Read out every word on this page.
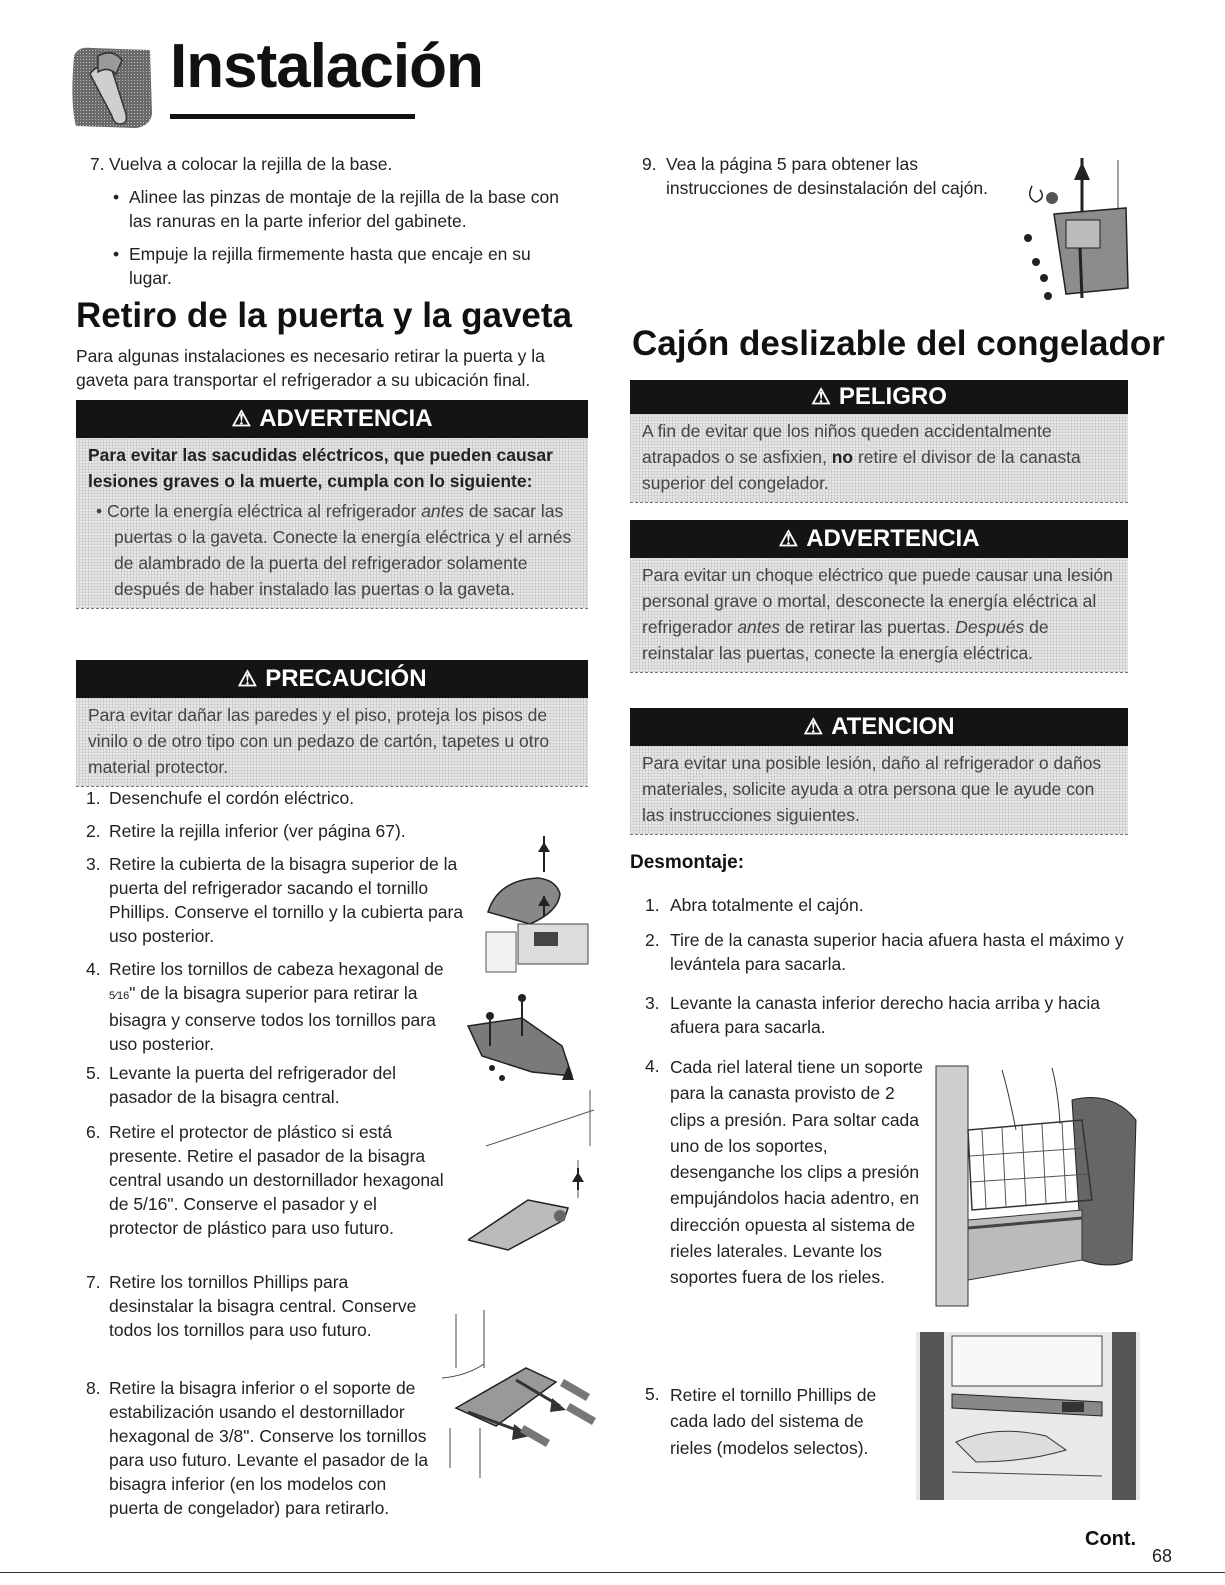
Instalación
7. Vuelva a colocar la rejilla de la base.
• Alinee las pinzas de montaje de la rejilla de la base con las ranuras en la parte inferior del gabinete.
• Empuje la rejilla firmemente hasta que encaje en su lugar.
Retiro de la puerta y la gaveta
Para algunas instalaciones es necesario retirar la puerta y la gaveta para transportar el refrigerador a su ubicación final.
⚠ ADVERTENCIA
Para evitar las sacudidas eléctricos, que pueden causar lesiones graves o la muerte, cumpla con lo siguiente:
• Corte la energía eléctrica al refrigerador antes de sacar las puertas o la gaveta. Conecte la energía eléctrica y el arnés de alambrado de la puerta del refrigerador solamente después de haber instalado las puertas o la gaveta.
⚠ PRECAUCIÓN
Para evitar dañar las paredes y el piso, proteja los pisos de vinilo o de otro tipo con un pedazo de cartón, tapetes u otro material protector.
1. Desenchufe el cordón eléctrico.
2. Retire la rejilla inferior (ver página 67).
3. Retire la cubierta de la bisagra superior de la puerta del refrigerador sacando el tornillo Phillips. Conserve el tornillo y la cubierta para uso posterior.
4. Retire los tornillos de cabeza hexagonal de 5⁄16" de la bisagra superior para retirar la bisagra y conserve todos los tornillos para uso posterior.
5. Levante la puerta del refrigerador del pasador de la bisagra central.
6. Retire el protector de plástico si está presente. Retire el pasador de la bisagra central usando un destornillador hexagonal de 5/16". Conserve el pasador y el protector de plástico para uso futuro.
7. Retire los tornillos Phillips para desinstalar la bisagra central. Conserve todos los tornillos para uso futuro.
8. Retire la bisagra inferior o el soporte de estabilización usando el destornillador hexagonal de 3/8". Conserve los tornillos para uso futuro. Levante el pasador de la bisagra inferior (en los modelos con puerta de congelador) para retirarlo.
9. Vea la página 5 para obtener las instrucciones de desinstalación del cajón.
Cajón deslizable del congelador
⚠ PELIGRO
A fin de evitar que los niños queden accidentalmente atrapados o se asfixien, no retire el divisor de la canasta superior del congelador.
⚠ ADVERTENCIA
Para evitar un choque eléctrico que puede causar una lesión personal grave o mortal, desconecte la energía eléctrica al refrigerador antes de retirar las puertas. Después de reinstalar las puertas, conecte la energía eléctrica.
⚠ ATENCION
Para evitar una posible lesión, daño al refrigerador o daños materiales, solicite ayuda a otra persona que le ayude con las instrucciones siguientes.
Desmontaje:
1. Abra totalmente el cajón.
2. Tire de la canasta superior hacia afuera hasta el máximo y levántela para sacarla.
3. Levante la canasta inferior derecho hacia arriba y hacia afuera para sacarla.
4. Cada riel lateral tiene un soporte para la canasta provisto de 2 clips a presión. Para soltar cada uno de los soportes, desenganche los clips a presión empujándolos hacia adentro, en dirección opuesta al sistema de rieles laterales. Levante los soportes fuera de los rieles.
5. Retire el tornillo Phillips de cada lado del sistema de rieles (modelos selectos).
Cont.
68
